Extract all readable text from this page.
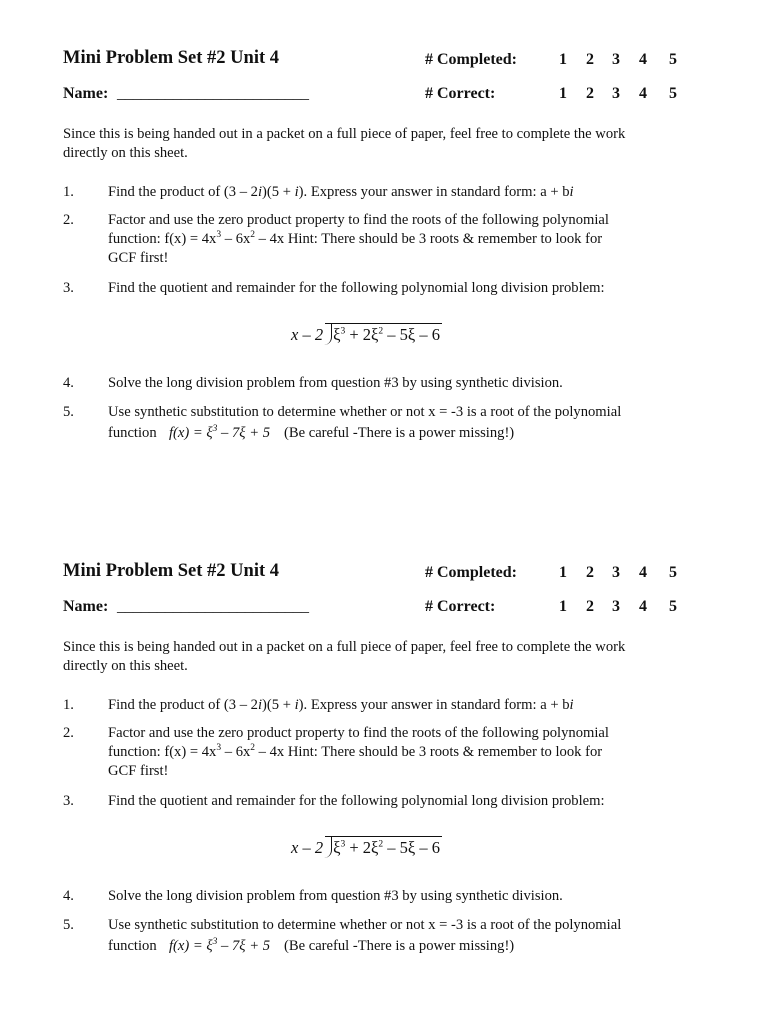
Mini Problem Set #2 Unit 4	# Completed:	1 2 3 4 5
Name: ________________________	# Correct:	1 2 3 4 5
Since this is being handed out in a packet on a full piece of paper, feel free to complete the work
directly on this sheet.
1. Find the product of (3 – 2i)(5 + i). Express your answer in standard form: a + bi
2. Factor and use the zero product property to find the roots of the following polynomial
function: $f(x) = 4x^3 - 6x^2 - 4x$ Hint: There should be 3 roots & remember to look for
GCF first!
3. Find the quotient and remainder for the following polynomial long division problem:
x – 2 $\xi^3 + 2\xi^2 - 5\xi - 6$
4. Solve the long division problem from question #3 by using synthetic division.
5. Use synthetic substitution to determine whether or not x = -3 is a root of the polynomial
function $f(x) = \xi^3 - 7\xi + 5$ (Be careful -There is a power missing!)
Mini Problem Set #2 Unit 4	# Completed:	1 2 3 4 5
Name: ________________________	# Correct:	1 2 3 4 5
Since this is being handed out in a packet on a full piece of paper, feel free to complete the work
directly on this sheet.
1. Find the product of (3 – 2i)(5 + i). Express your answer in standard form: a + bi
2. Factor and use the zero product property to find the roots of the following polynomial
function: $f(x) = 4x^3 - 6x^2 - 4x$ Hint: There should be 3 roots & remember to look for
GCF first!
3. Find the quotient and remainder for the following polynomial long division problem:
x – 2 $\xi^3 + 2\xi^2 - 5\xi - 6$
4. Solve the long division problem from question #3 by using synthetic division.
5. Use synthetic substitution to determine whether or not x = -3 is a root of the polynomial
function $f(x) = \xi^3 - 7\xi + 5$ (Be careful -There is a power missing!)
